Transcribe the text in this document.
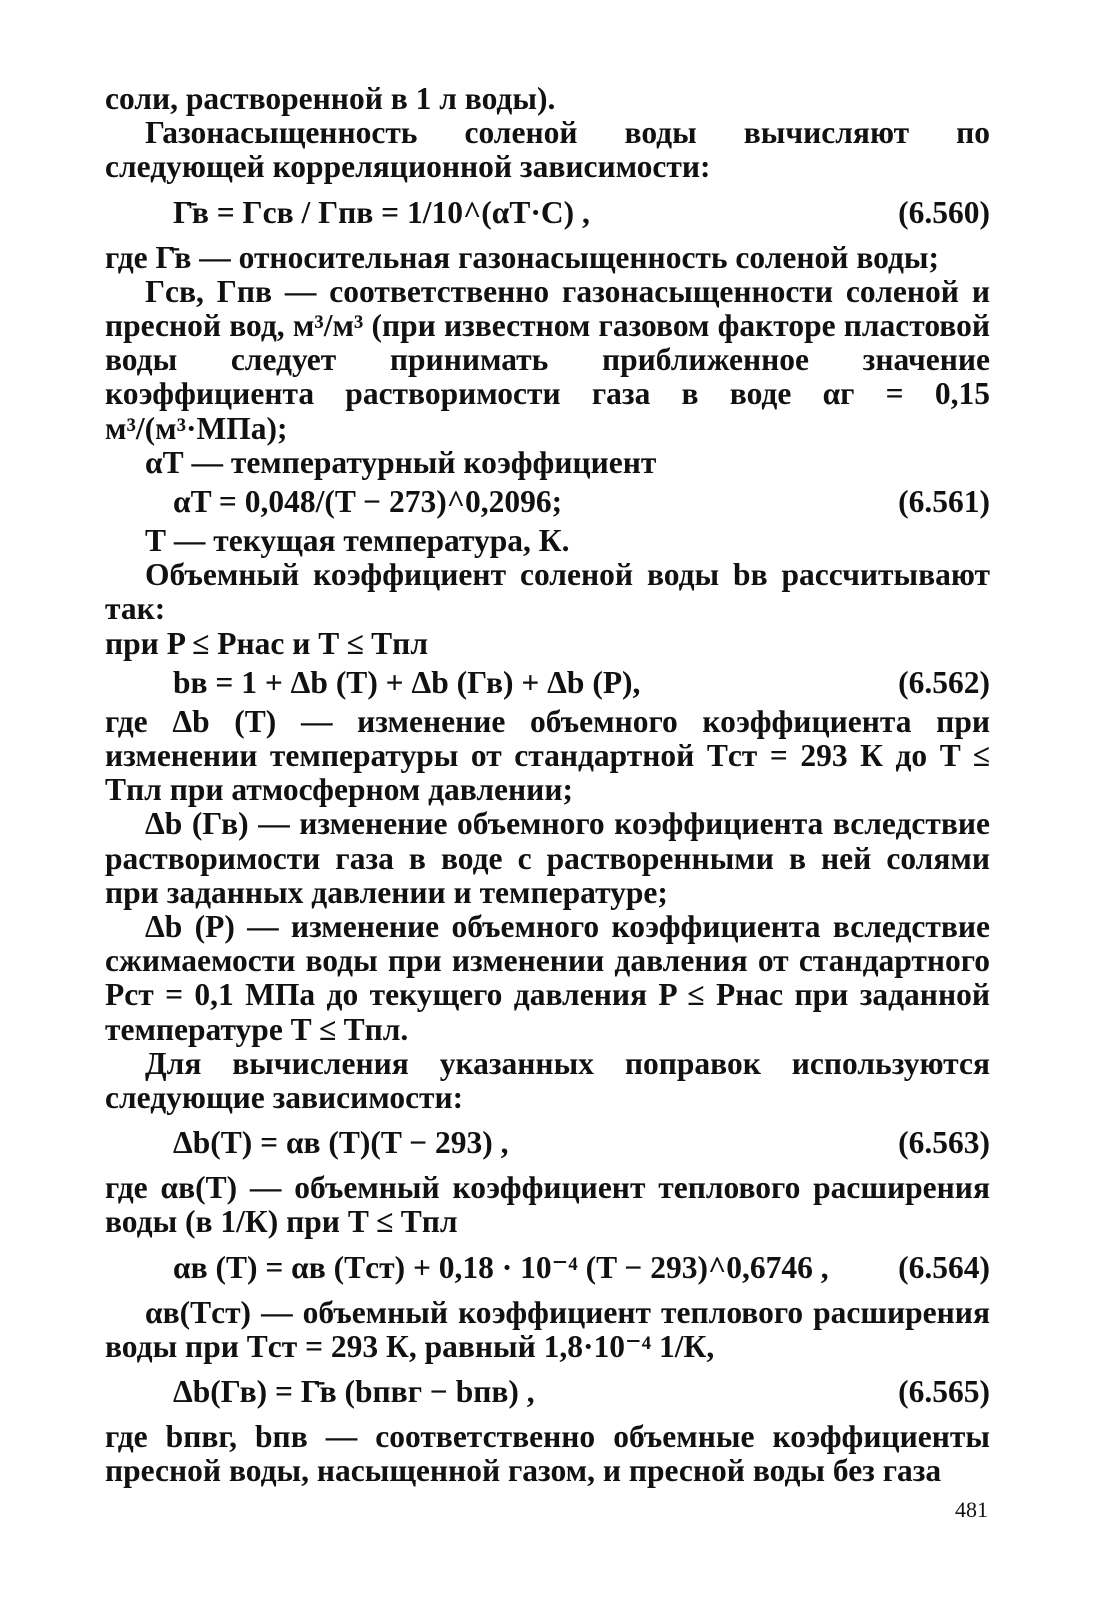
соли, растворенной в 1 л воды).

Газонасыщенность соленой воды вычисляют по следующей корреляционной зависимости:

Г̄в = Гсв / Гпв = 1/10^(αT·C) ,	(6.560)

где Г̄в — относительная газонасыщенность соленой воды;

Гсв, Гпв — соответственно газонасыщенности соленой и пресной вод, м³/м³ (при известном газовом факторе пластовой воды следует принимать приближенное значение коэффициента растворимости газа в воде αг = 0,15 м³/(м³·МПа);

αТ — температурный коэффициент

αT = 0,048/(T − 273)^0,2096;	(6.561)

Т — текущая температура, К.

Объемный коэффициент соленой воды bв рассчитывают так:

при P ≤ Pнас и T ≤ Tпл

bв = 1 + Δb (T) + Δb (Гв) + Δb (P),	(6.562)

где Δb (T) — изменение объемного коэффициента при изменении температуры от стандартной Tст = 293 К до T ≤ Tпл при атмосферном давлении;

Δb (Гв) — изменение объемного коэффициента вследствие растворимости газа в воде с растворенными в ней солями при заданных давлении и температуре;

Δb (P) — изменение объемного коэффициента вследствие сжимаемости воды при изменении давления от стандартного Pст = 0,1 МПа до текущего давления P ≤ Pнас при заданной температуре T ≤ Tпл.

Для вычисления указанных поправок используются следующие зависимости:

Δb(T) = αв (T)(T − 293) ,	(6.563)

где αв(T) — объемный коэффициент теплового расширения воды (в 1/К) при T ≤ Tпл

αв (T) = αв (Tст) + 0,18 · 10⁻⁴ (T − 293)^0,6746 , (6.564)

αв(Tст) — объемный коэффициент теплового расширения воды при Tст = 293 К, равный 1,8·10⁻⁴ 1/К,

Δb(Гв) = Г̄в (bпвг − bпв) ,	(6.565)

где bпвг, bпв — соответственно объемные коэффициенты пресной воды, насыщенной газом, и пресной воды без газа

481
